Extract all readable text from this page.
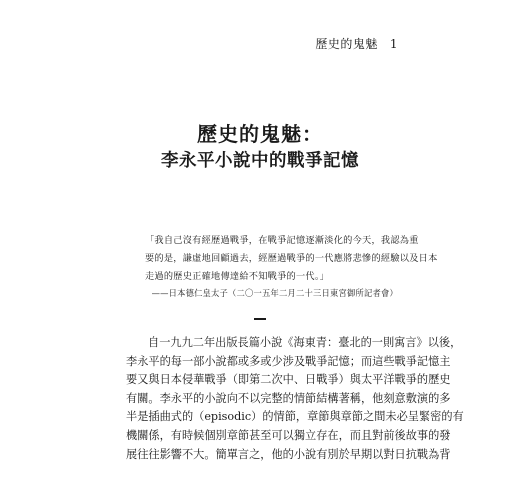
歷史的鬼魅 1
歷史的鬼魅：
李永平小說中的戰爭記憶
「我自己沒有經歷過戰爭，在戰爭記憶逐漸淡化的今天，我認為重
要的是，謙虛地回顧過去，經歷過戰爭的一代應將悲慘的經驗以及日本
走過的歷史正確地傳達給不知戰爭的一代。」
——日本德仁皇太子（二〇一五年二月二十三日東宮御所記者會）
自一九九二年出版長篇小說《海東青：臺北的一則寓言》以後，
李永平的每一部小說都或多或少涉及戰爭記憶；而這些戰爭記憶主
要又與日本侵華戰爭（即第二次中、日戰爭）與太平洋戰爭的歷史
有關。李永平的小說向不以完整的情節結構著稱，他刻意敷演的多
半是插曲式的（episodic）的情節，章節與章節之間未必呈緊密的有
機關係，有時候個別章節甚至可以獨立存在，而且對前後故事的發
展往往影響不大。簡單言之，他的小說有別於早期以對日抗戰為背
